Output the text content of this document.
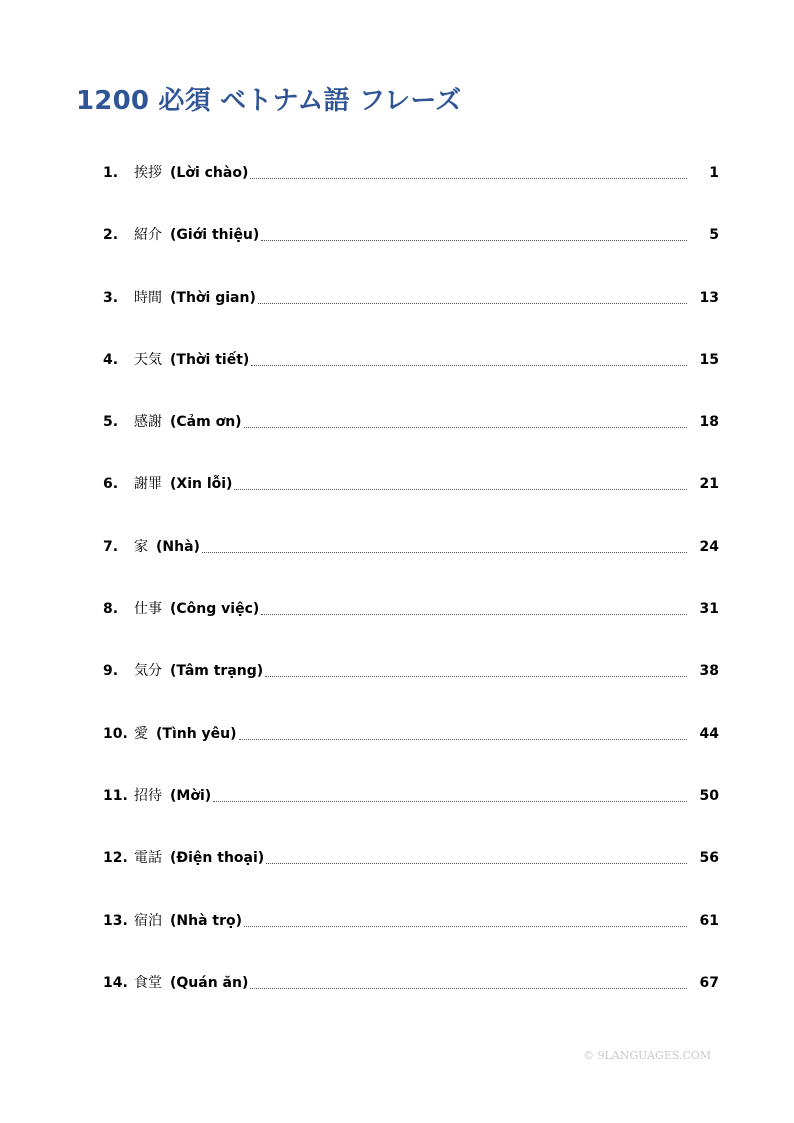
1200 必須 ベトナム語 フレーズ
1.	挨拶 (Lời chào)	1
2.	紹介 (Giới thiệu)	5
3.	時間 (Thời gian)	13
4.	天気 (Thời tiết)	15
5.	感謝 (Cảm ơn)	18
6.	謝罪 (Xin lỗi)	21
7.	家 (Nhà)	24
8.	仕事 (Công việc)	31
9.	気分 (Tâm trạng)	38
10. 愛 (Tình yêu)	44
11. 招待 (Mời)	50
12. 電話 (Điện thoại)	56
13. 宿泊 (Nhà trọ)	61
14. 食堂 (Quán ăn)	67
© 9LANGUAGES.COM
